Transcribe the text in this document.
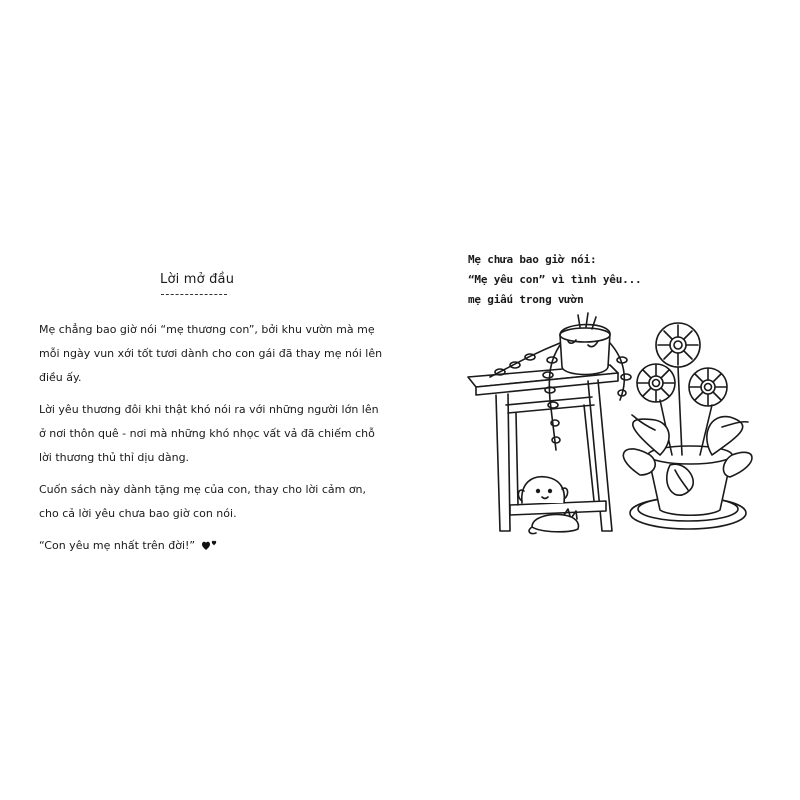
Lời mở đầu

Mẹ chẳng bao giờ nói “mẹ thương con”, bởi khu vườn mà mẹ mỗi ngày vun xới tốt tươi dành cho con gái đã thay mẹ nói lên điều ấy.

Lời yêu thương đôi khi thật khó nói ra với những người lớn lên ở nơi thôn quê - nơi mà những khó nhọc vất vả đã chiếm chỗ lời thương thủ thỉ dịu dàng.

Cuốn sách này dành tặng mẹ của con, thay cho lời cảm ơn, cho cả lời yêu chưa bao giờ con nói.

“Con yêu mẹ nhất trên đời!”

Mẹ chưa bao giờ nói:
“Mẹ yêu con” vì tình yêu...
mẹ giấu trong vườn
